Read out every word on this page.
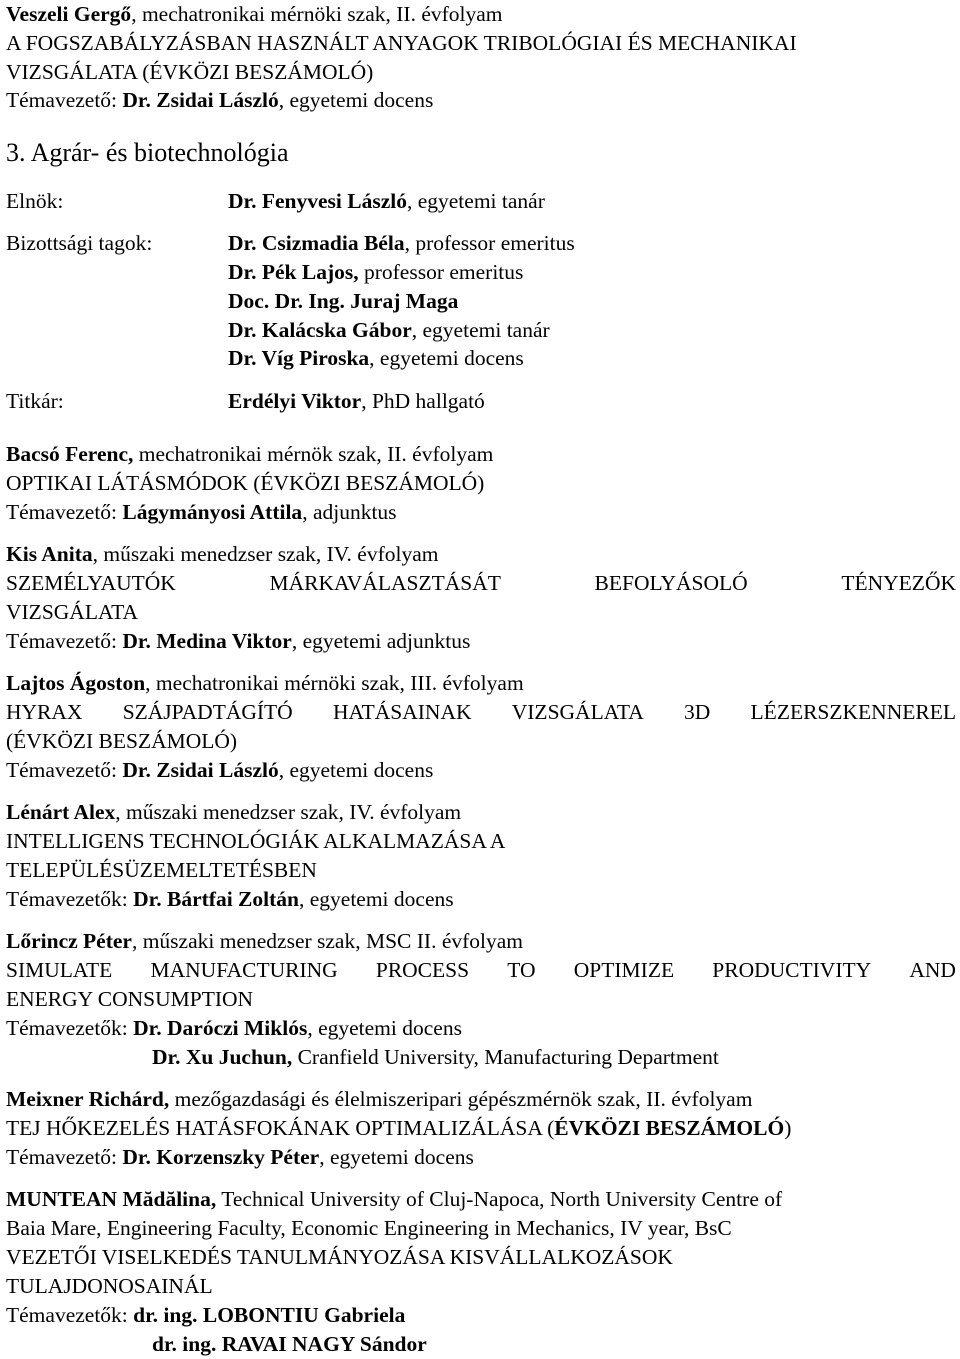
Veszeli Gergő, mechatronikai mérnöki szak, II. évfolyam
A FOGSZABÁLYZÁSBAN HASZNÁLT ANYAGOK TRIBOLÓGIAI ÉS MECHANIKAI
VIZSGÁLATA (ÉVKÖZI BESZÁMOLÓ)
Témavezető: Dr. Zsidai László, egyetemi docens
3. Agrár- és biotechnológia
Elnök:	Dr. Fenyvesi László, egyetemi tanár
Bizottsági tagok:	Dr. Csizmadia Béla, professor emeritus
Dr. Pék Lajos, professor emeritus
Doc. Dr. Ing. Juraj Maga
Dr. Kalácska Gábor, egyetemi tanár
Dr. Víg Piroska, egyetemi docens
Titkár:	Erdélyi Viktor, PhD hallgató
Bacsó Ferenc, mechatronikai mérnök szak, II. évfolyam
OPTIKAI LÁTÁSMÓDOK (ÉVKÖZI BESZÁMOLÓ)
Témavezető: Lágymányosi Attila, adjunktus
Kis Anita, műszaki menedzser szak, IV. évfolyam
SZEMÉLYAUTÓK	MÁRKAVÁLASZTÁSÁT	BEFOLYÁSOLÓ	TÉNYEZŐK
VIZSGÁLATA
Témavezető: Dr. Medina Viktor, egyetemi adjunktus
Lajtos Ágoston, mechatronikai mérnöki szak, III. évfolyam
HYRAX SZÁJPADTÁGÍTÓ HATÁSAINAK VIZSGÁLATA 3D LÉZERSZKENNEREL
(ÉVKÖZI BESZÁMOLÓ)
Témavezető: Dr. Zsidai László, egyetemi docens
Lénárt Alex, műszaki menedzser szak, IV. évfolyam
INTELLIGENS TECHNOLÓGIÁK ALKALMAZÁSA A
TELEPÜLÉSÜZEMELTETÉSBEN
Témavezetők: Dr. Bártfai Zoltán, egyetemi docens
Lőrincz Péter, műszaki menedzser szak, MSC II. évfolyam
SIMULATE MANUFACTURING PROCESS TO OPTIMIZE PRODUCTIVITY AND
ENERGY CONSUMPTION
Témavezetők: Dr. Daróczi Miklós, egyetemi docens
Dr. Xu Juchun, Cranfield University, Manufacturing Department
Meixner Richárd, mezőgazdasági és élelmiszeripari gépészmérnök szak, II. évfolyam
TEJ HŐKEZELÉS HATÁSFOKÁNAK OPTIMALIZÁLÁSA (ÉVKÖZI BESZÁMOLÓ)
Témavezető: Dr. Korzenszky Péter, egyetemi docens
MUNTEAN Mădălina, Technical University of Cluj-Napoca, North University Centre of
Baia Mare, Engineering Faculty, Economic Engineering in Mechanics, IV year, BsC
VEZETŐI VISELKEDÉS TANULMÁNYOZÁSA KISVÁLLALKOZÁSOK
TULAJDONOSAINÁL
Témavezetők: dr. ing. LOBONTIU Gabriela
dr. ing. RAVAI NAGY Sándor
